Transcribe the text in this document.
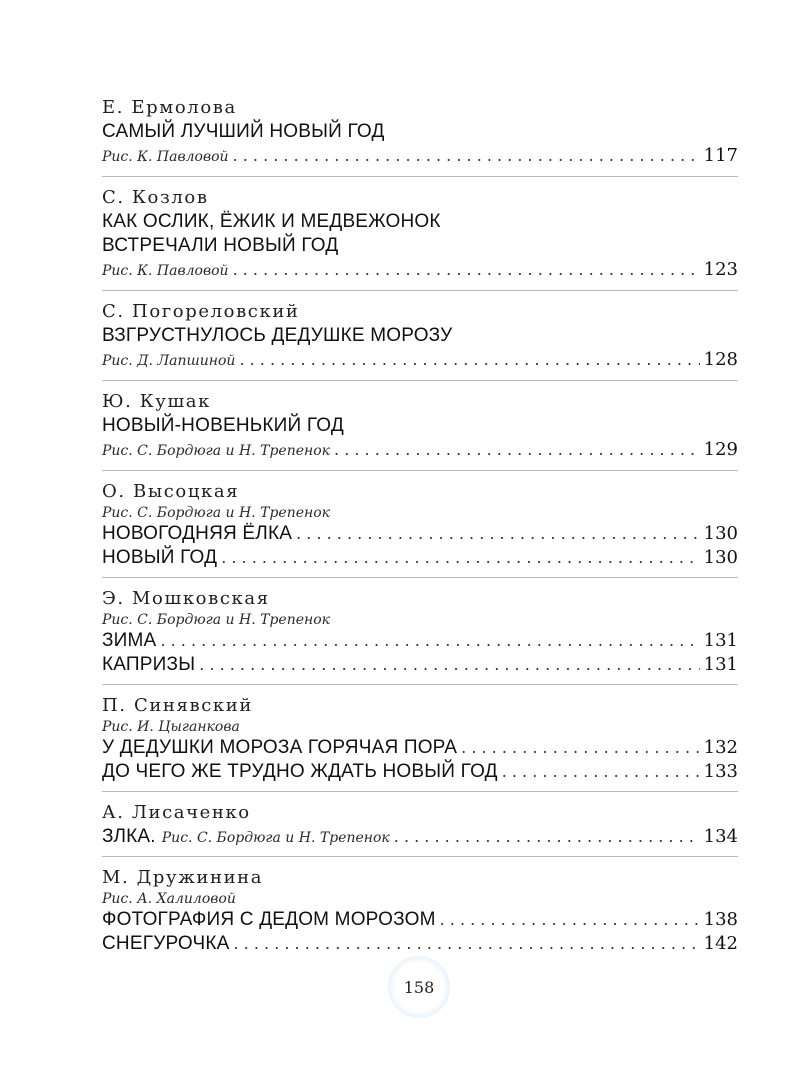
Е. Ермолова
САМЫЙ ЛУЧШИЙ НОВЫЙ ГОД
Рис. К. Павловой . . .	117
С. Козлов
КАК ОСЛИК, ЁЖИК И МЕДВЕЖОНОК
ВСТРЕЧАЛИ НОВЫЙ ГОД
Рис. К. Павловой . . .	123
С. Погореловский
ВЗГРУСТНУЛОСЬ ДЕДУШКЕ МОРОЗУ
Рис. Д. Лапшиной . . .	128
Ю. Кушак
НОВЫЙ-НОВЕНЬКИЙ ГОД
Рис. С. Бордюга и Н. Трепенок . . .	129
О. Высоцкая
Рис. С. Бордюга и Н. Трепенок
НОВОГОДНЯЯ ЁЛКА . . .	130
НОВЫЙ ГОД . . .	130
Э. Мошковская
Рис. С. Бордюга и Н. Трепенок
ЗИМА . . .	131
КАПРИЗЫ . . .	131
П. Синявский
Рис. И. Цыганкова
У ДЕДУШКИ МОРОЗА ГОРЯЧАЯ ПОРА . . .	132
ДО ЧЕГО ЖЕ ТРУДНО ЖДАТЬ НОВЫЙ ГОД . . .	133
А. Лисаченко
ЗЛКА. Рис. С. Бордюга и Н. Трепенок . . .	134
М. Дружинина
Рис. А. Халиловой
ФОТОГРАФИЯ С ДЕДОМ МОРОЗОМ . . .	138
СНЕГУРОЧКА . . .	142
158
